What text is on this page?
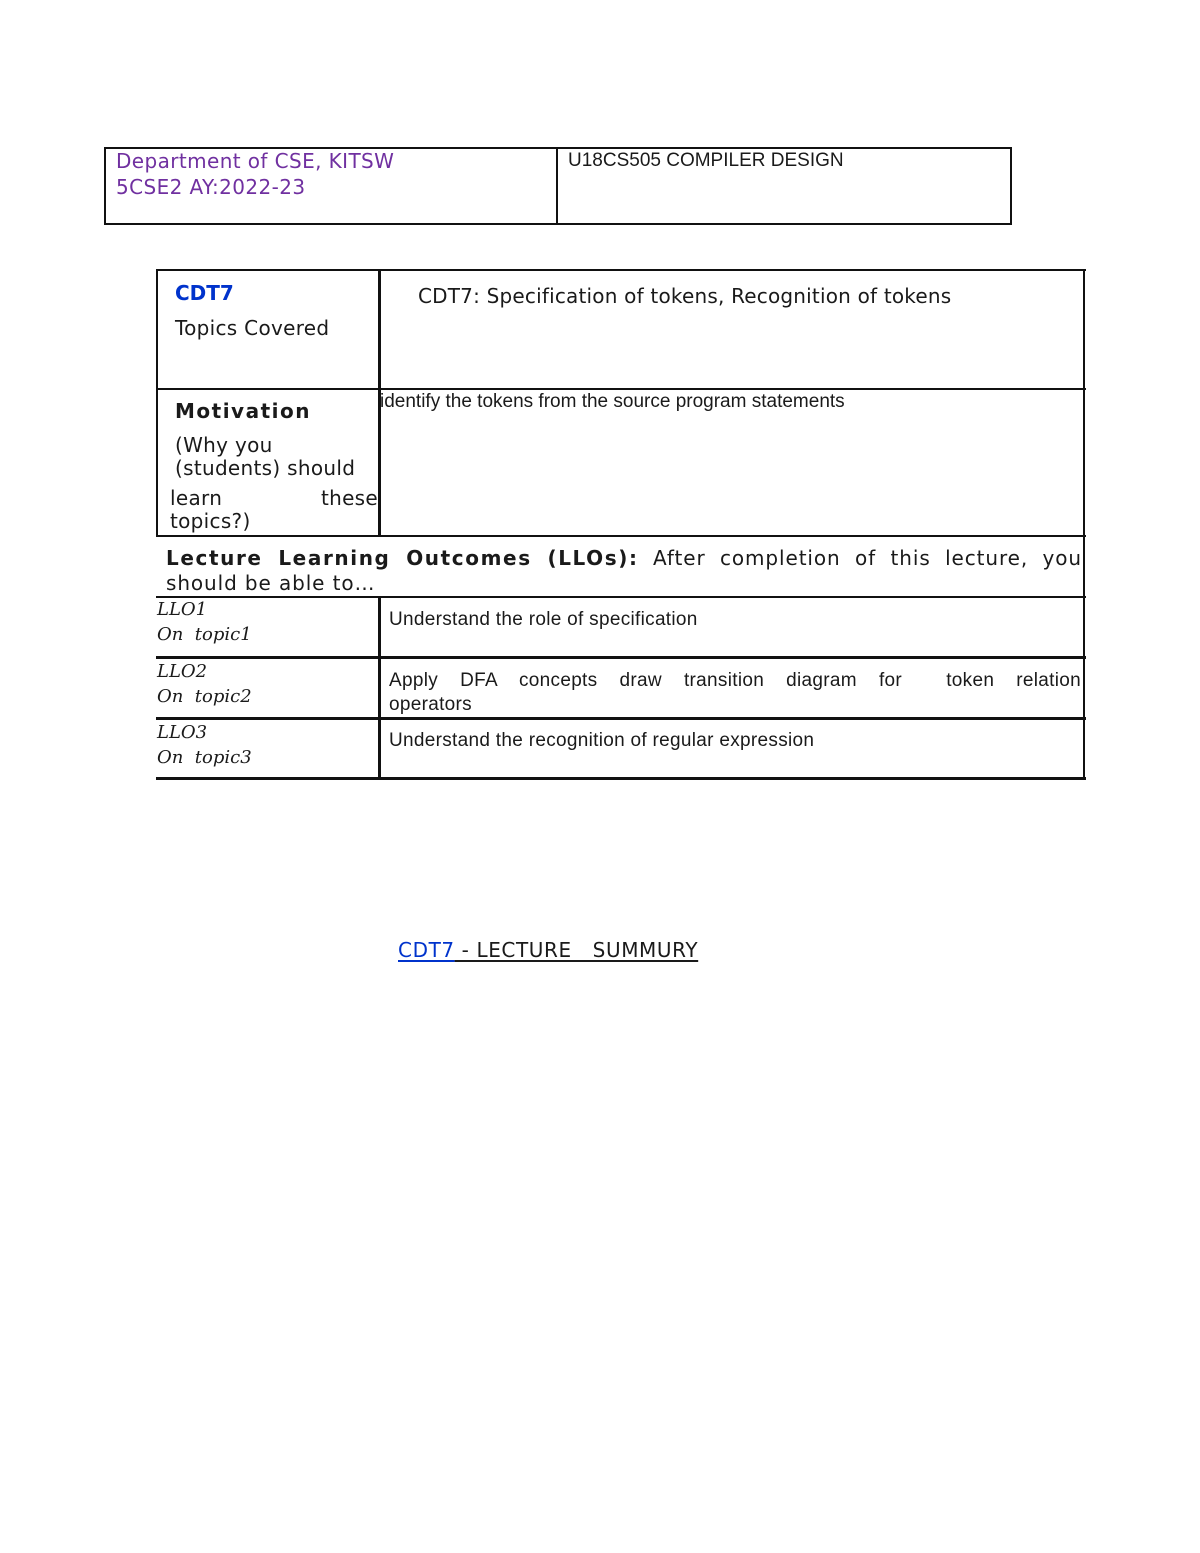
Department of CSE, KITSW
5CSE2 AY:2022-23
U18CS505 COMPILER DESIGN
CDT7
Topics Covered
CDT7: Specification of tokens, Recognition of tokens
Motivation
(Why you
(students) should
learn	these
topics?)
identify the tokens from the source program statements
Lecture Learning Outcomes (LLOs): After completion of this lecture, you
should be able to…
LLO1
On  topic1
Understand the role of specification
LLO2
On  topic2
Apply DFA concepts draw transition diagram for  token relation
operators
LLO3
On  topic3
Understand the recognition of regular expression
CDT7 - LECTURE   SUMMURY
